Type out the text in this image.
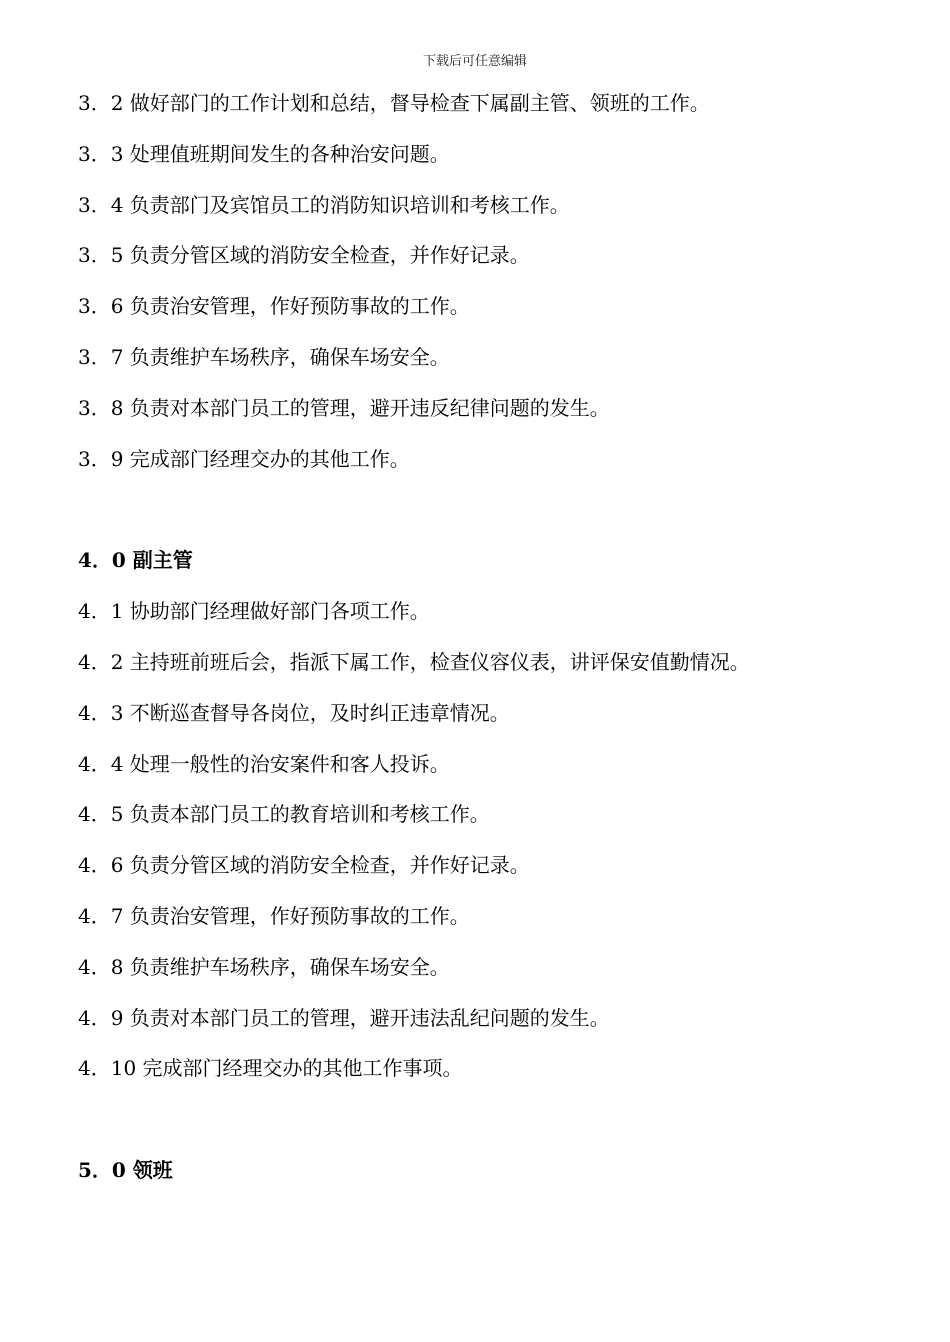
下载后可任意编辑
3．2 做好部门的工作计划和总结，督导检查下属副主管、领班的工作。
3．3 处理值班期间发生的各种治安问题。
3．4 负责部门及宾馆员工的消防知识培训和考核工作。
3．5 负责分管区域的消防安全检查，并作好记录。
3．6 负责治安管理，作好预防事故的工作。
3．7 负责维护车场秩序，确保车场安全。
3．8 负责对本部门员工的管理，避开违反纪律问题的发生。
3．9 完成部门经理交办的其他工作。
4．0 副主管
4．1 协助部门经理做好部门各项工作。
4．2 主持班前班后会，指派下属工作，检查仪容仪表，讲评保安值勤情况。
4．3 不断巡查督导各岗位，及时纠正违章情况。
4．4 处理一般性的治安案件和客人投诉。
4．5 负责本部门员工的教育培训和考核工作。
4．6 负责分管区域的消防安全检查，并作好记录。
4．7 负责治安管理，作好预防事故的工作。
4．8 负责维护车场秩序，确保车场安全。
4．9 负责对本部门员工的管理，避开违法乱纪问题的发生。
4．10 完成部门经理交办的其他工作事项。
5．0 领班
